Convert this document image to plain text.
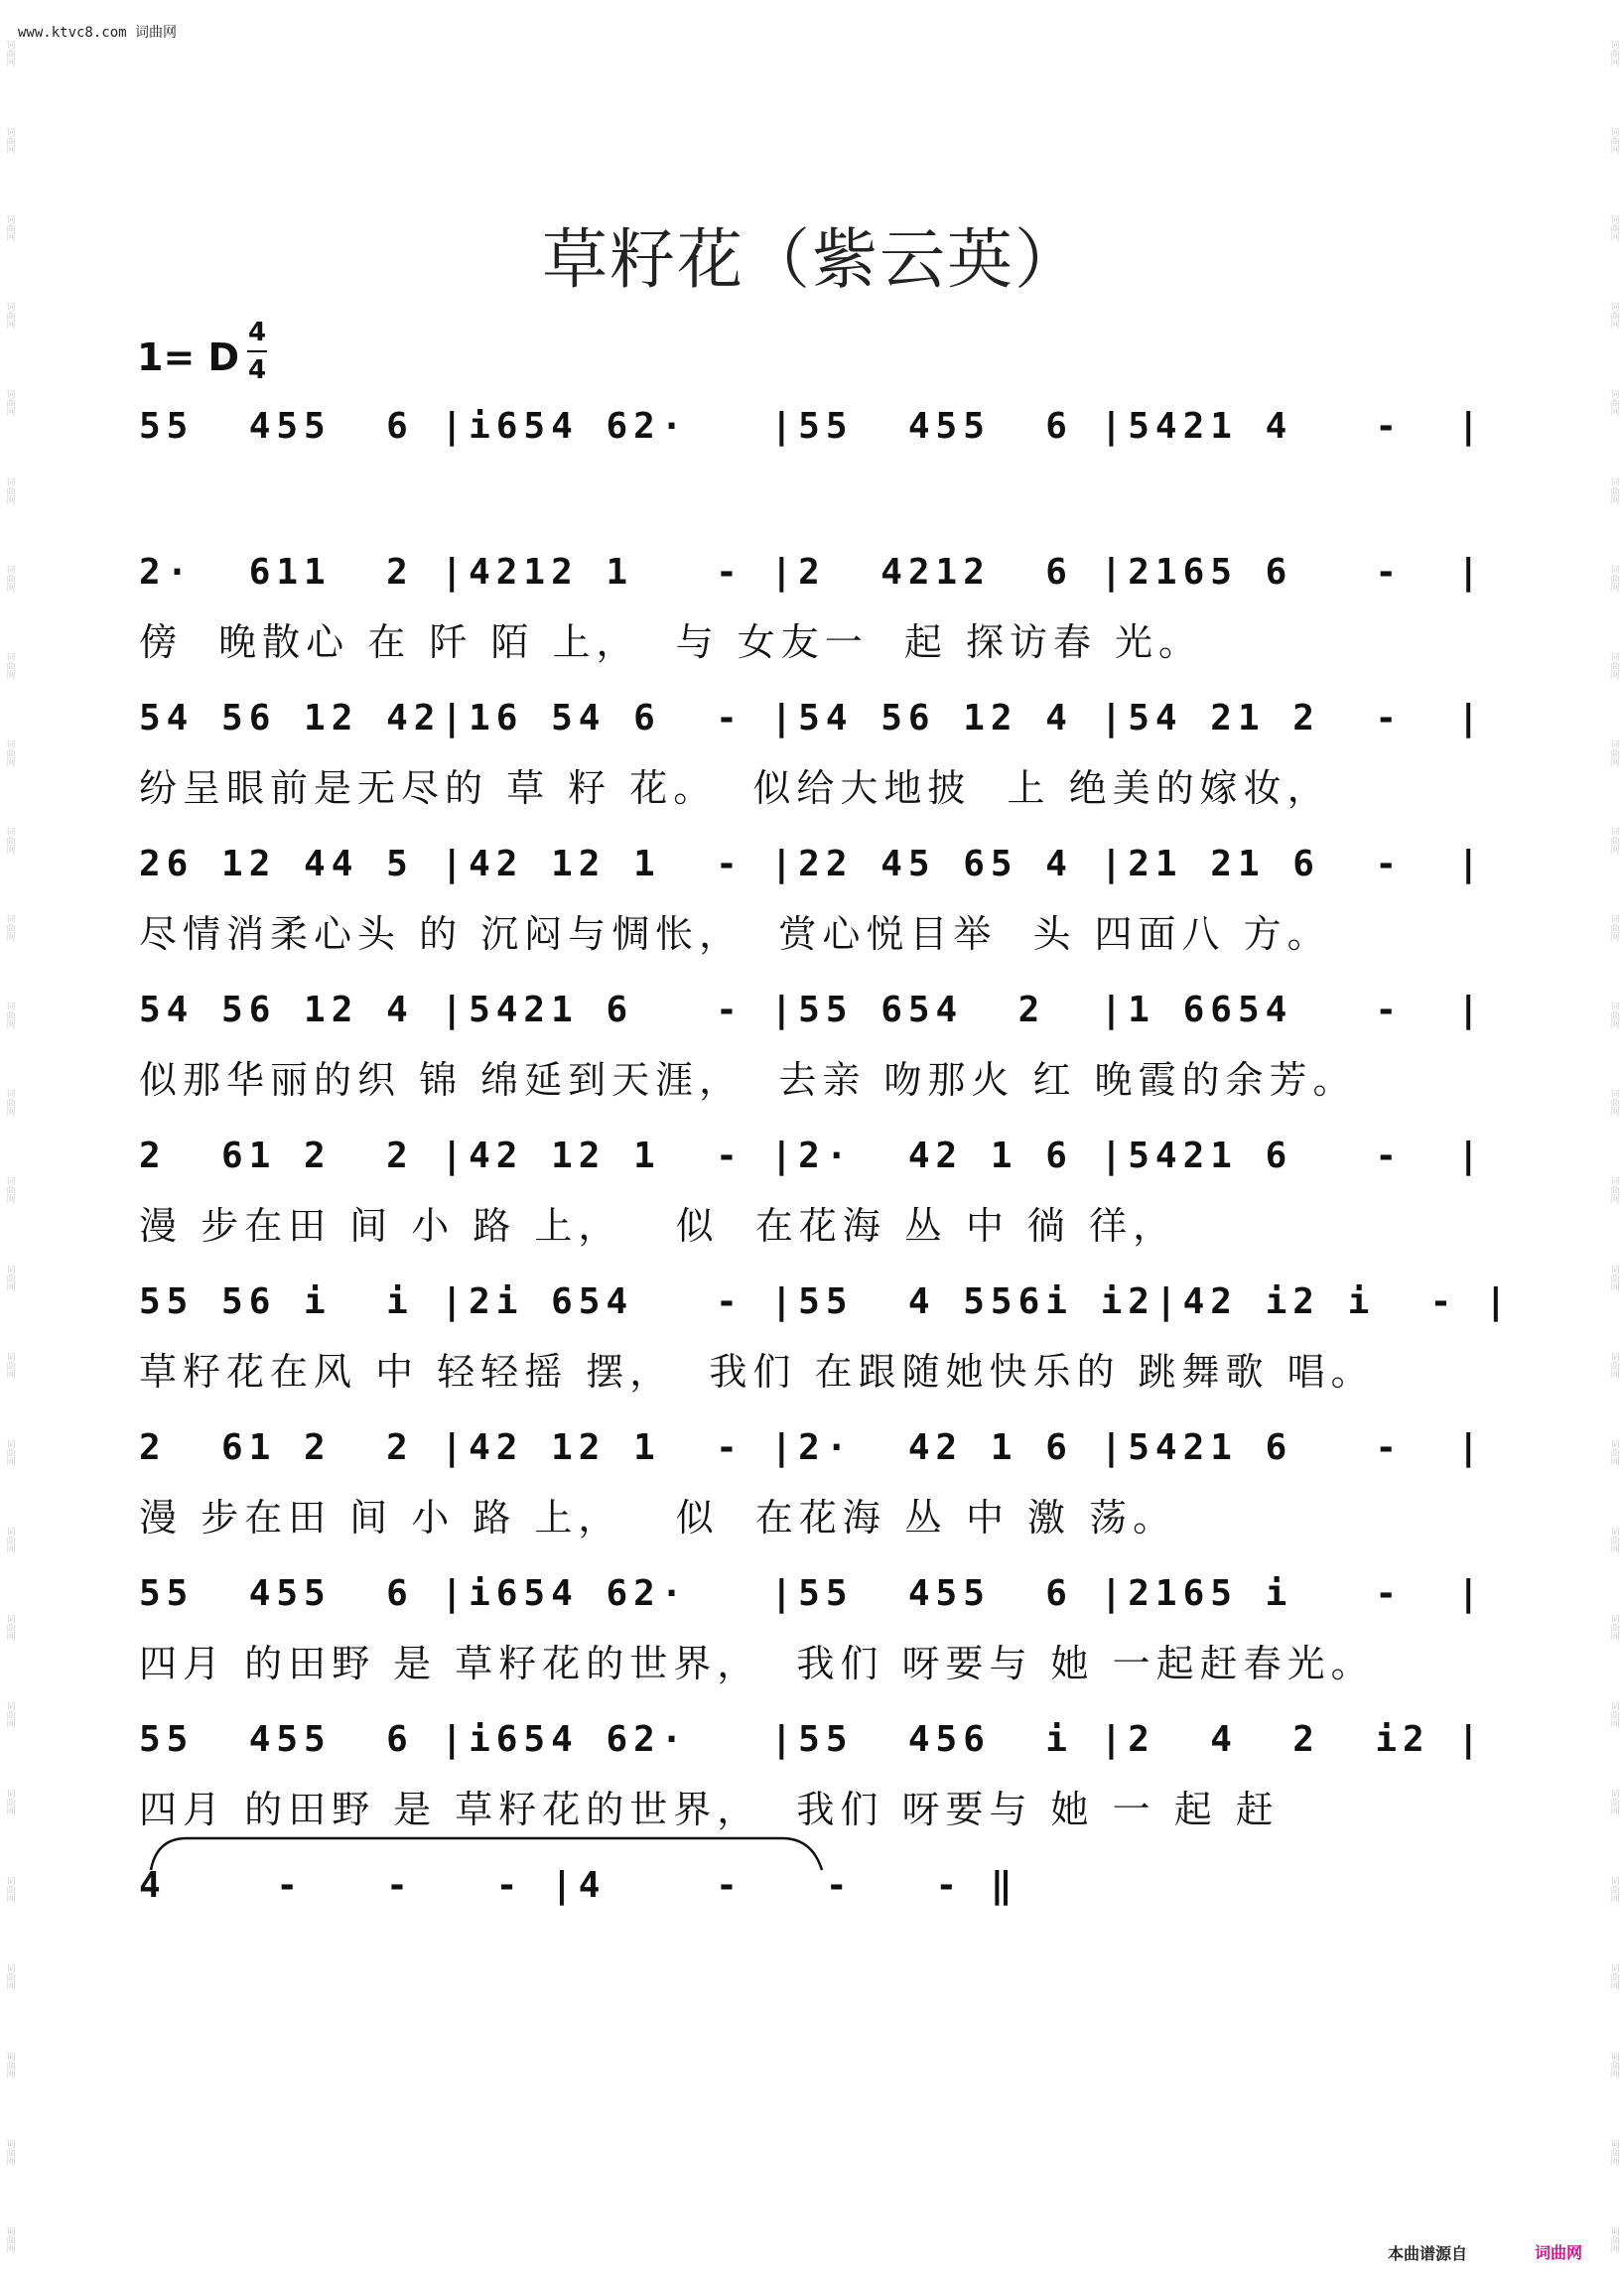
词曲网
词曲网
词曲网
词曲网
词曲网
词曲网
词曲网
词曲网
词曲网
词曲网
词曲网
词曲网
词曲网
词曲网
词曲网
词曲网
词曲网
词曲网
词曲网
词曲网
词曲网
词曲网
词曲网
词曲网
词曲网
词曲网
词曲网
词曲网
词曲网
词曲网
词曲网
词曲网
词曲网
词曲网
词曲网
词曲网
词曲网
词曲网
词曲网
词曲网
词曲网
词曲网
词曲网
词曲网
词曲网
词曲网
词曲网
词曲网
词曲网
词曲网
词曲网
词曲网
www.ktvc8.com 词曲网
草籽花（紫云英）
1= D
4
4
55  455  6 |i654 62·   |55  455  6 |5421 4   -  |
2·  611  2 |4212 1   - |2  4212  6 |2165 6   -  |
傍  晚散心 在 阡 陌 上，  与 女友一  起 探访春 光。
54 56 12 42|16 54 6  - |54 56 12 4 |54 21 2  -  |
纷呈眼前是无尽的 草 籽 花。  似给大地披  上 绝美的嫁妆，
26 12 44 5 |42 12 1  - |22 45 65 4 |21 21 6  -  |
尽情消柔心头 的 沉闷与惆怅，  赏心悦目举  头 四面八 方。
54 56 12 4 |5421 6   - |55 654  2  |1 6654   -  |
似那华丽的织 锦 绵延到天涯，  去亲 吻那火 红 晚霞的余芳。
2  61 2  2 |42 12 1  - |2·  42 1 6 |5421 6   -  |
漫 步在田 间 小 路 上，   似  在花海 丛 中 徜 徉，
55 56 i  i |2i 654   - |55  4 556i i2|42 i2 i  - |
草籽花在风 中 轻轻摇 摆，  我们 在跟随她快乐的 跳舞歌 唱。
2  61 2  2 |42 12 1  - |2·  42 1 6 |5421 6   -  |
漫 步在田 间 小 路 上，   似  在花海 丛 中 激 荡。
55  455  6 |i654 62·   |55  455  6 |2165 i   -  |
四月 的田野 是 草籽花的世界，  我们 呀要与 她 一起赶春光。
55  455  6 |i654 62·   |55  456  i |2  4  2  i2 |
四月 的田野 是 草籽花的世界，  我们 呀要与 她 一 起 赶
4    -   -   - |4    -   -   - ‖
本曲谱源自	词曲网
